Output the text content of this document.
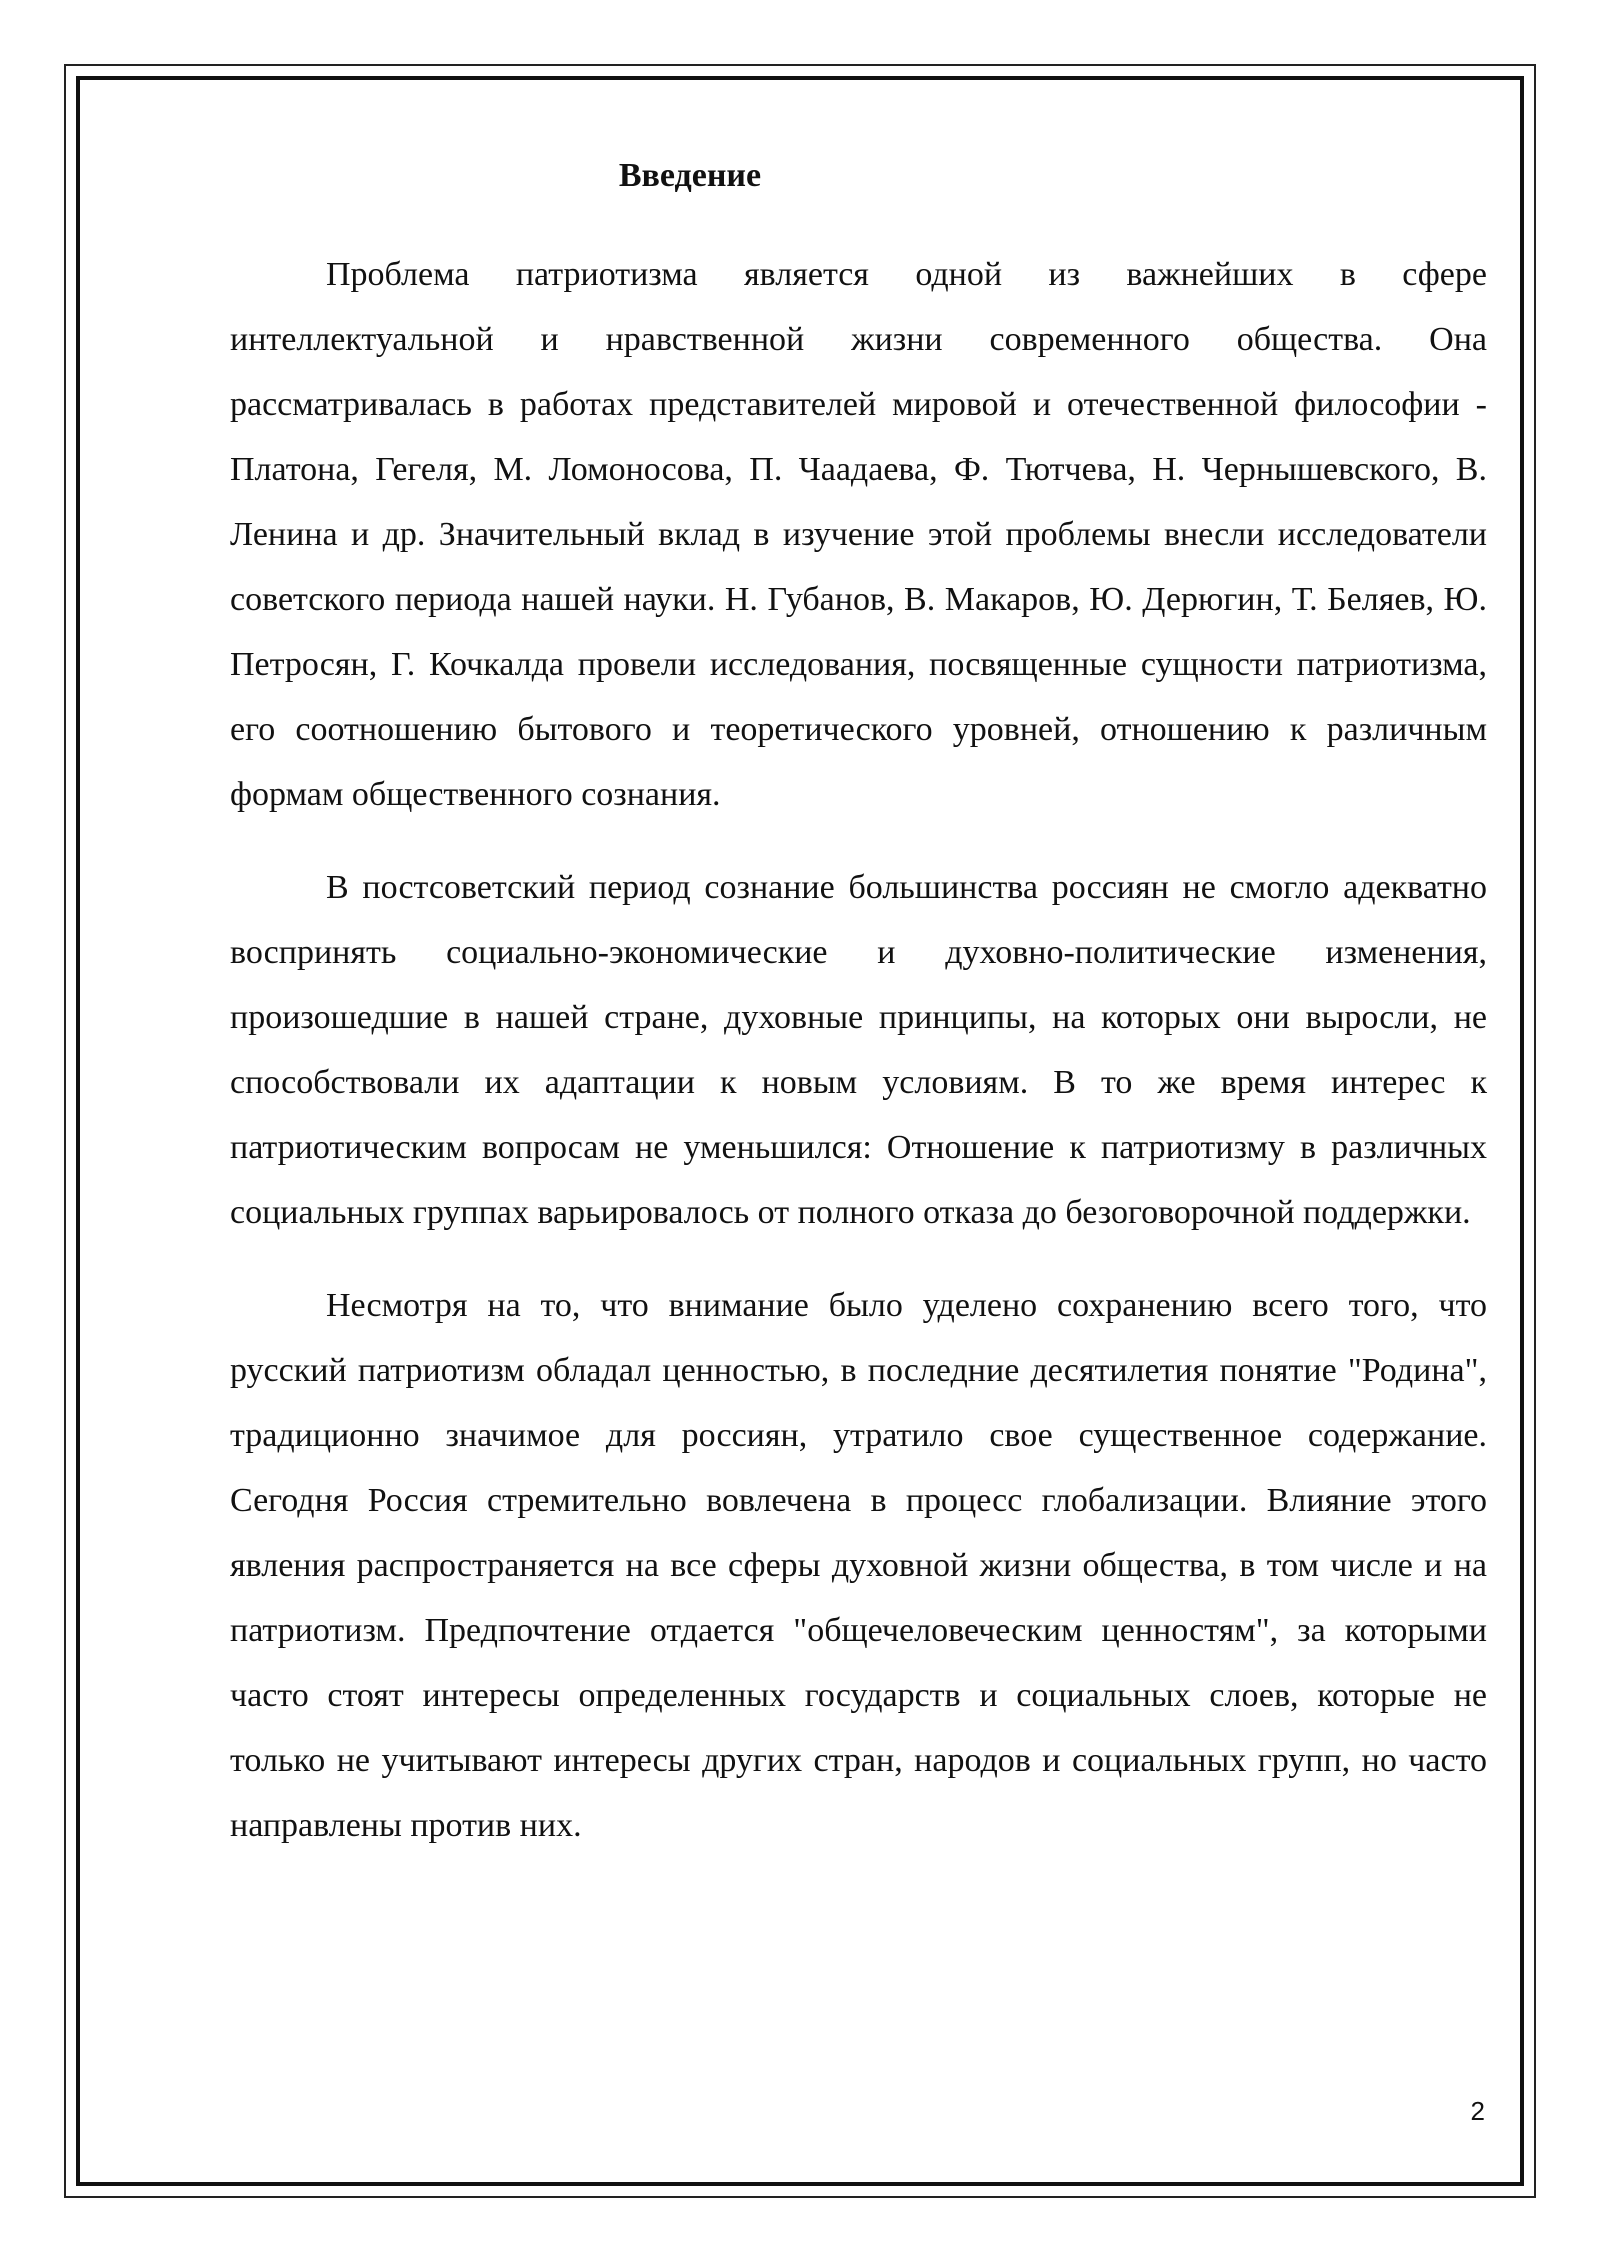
Введение

Проблема патриотизма является одной из важнейших в сфере интеллектуальной и нравственной жизни современного общества. Она рассматривалась в работах представителей мировой и отечественной философии - Платона, Гегеля, М. Ломоносова, П. Чаадаева, Ф. Тютчева, Н. Чернышевского, В. Ленина и др. Значительный вклад в изучение этой проблемы внесли исследователи советского периода нашей науки. Н. Губанов, В. Макаров, Ю. Дерюгин, Т. Беляев, Ю. Петросян, Г. Кочкалда провели исследования, посвященные сущности патриотизма, его соотношению бытового и теоретического уровней, отношению к различным формам общественного сознания.

В постсоветский период сознание большинства россиян не смогло адекватно воспринять социально-экономические и духовно-политические изменения, произошедшие в нашей стране, духовные принципы, на которых они выросли, не способствовали их адаптации к новым условиям. В то же время интерес к патриотическим вопросам не уменьшился: Отношение к патриотизму в различных социальных группах варьировалось от полного отказа до безоговорочной поддержки.

Несмотря на то, что внимание было уделено сохранению всего того, что русский патриотизм обладал ценностью, в последние десятилетия понятие "Родина", традиционно значимое для россиян, утратило свое существенное содержание. Сегодня Россия стремительно вовлечена в процесс глобализации. Влияние этого явления распространяется на все сферы духовной жизни общества, в том числе и на патриотизм. Предпочтение отдается "общечеловеческим ценностям", за которыми часто стоят интересы определенных государств и социальных слоев, которые не только не учитывают интересы других стран, народов и социальных групп, но часто направлены против них.

2
